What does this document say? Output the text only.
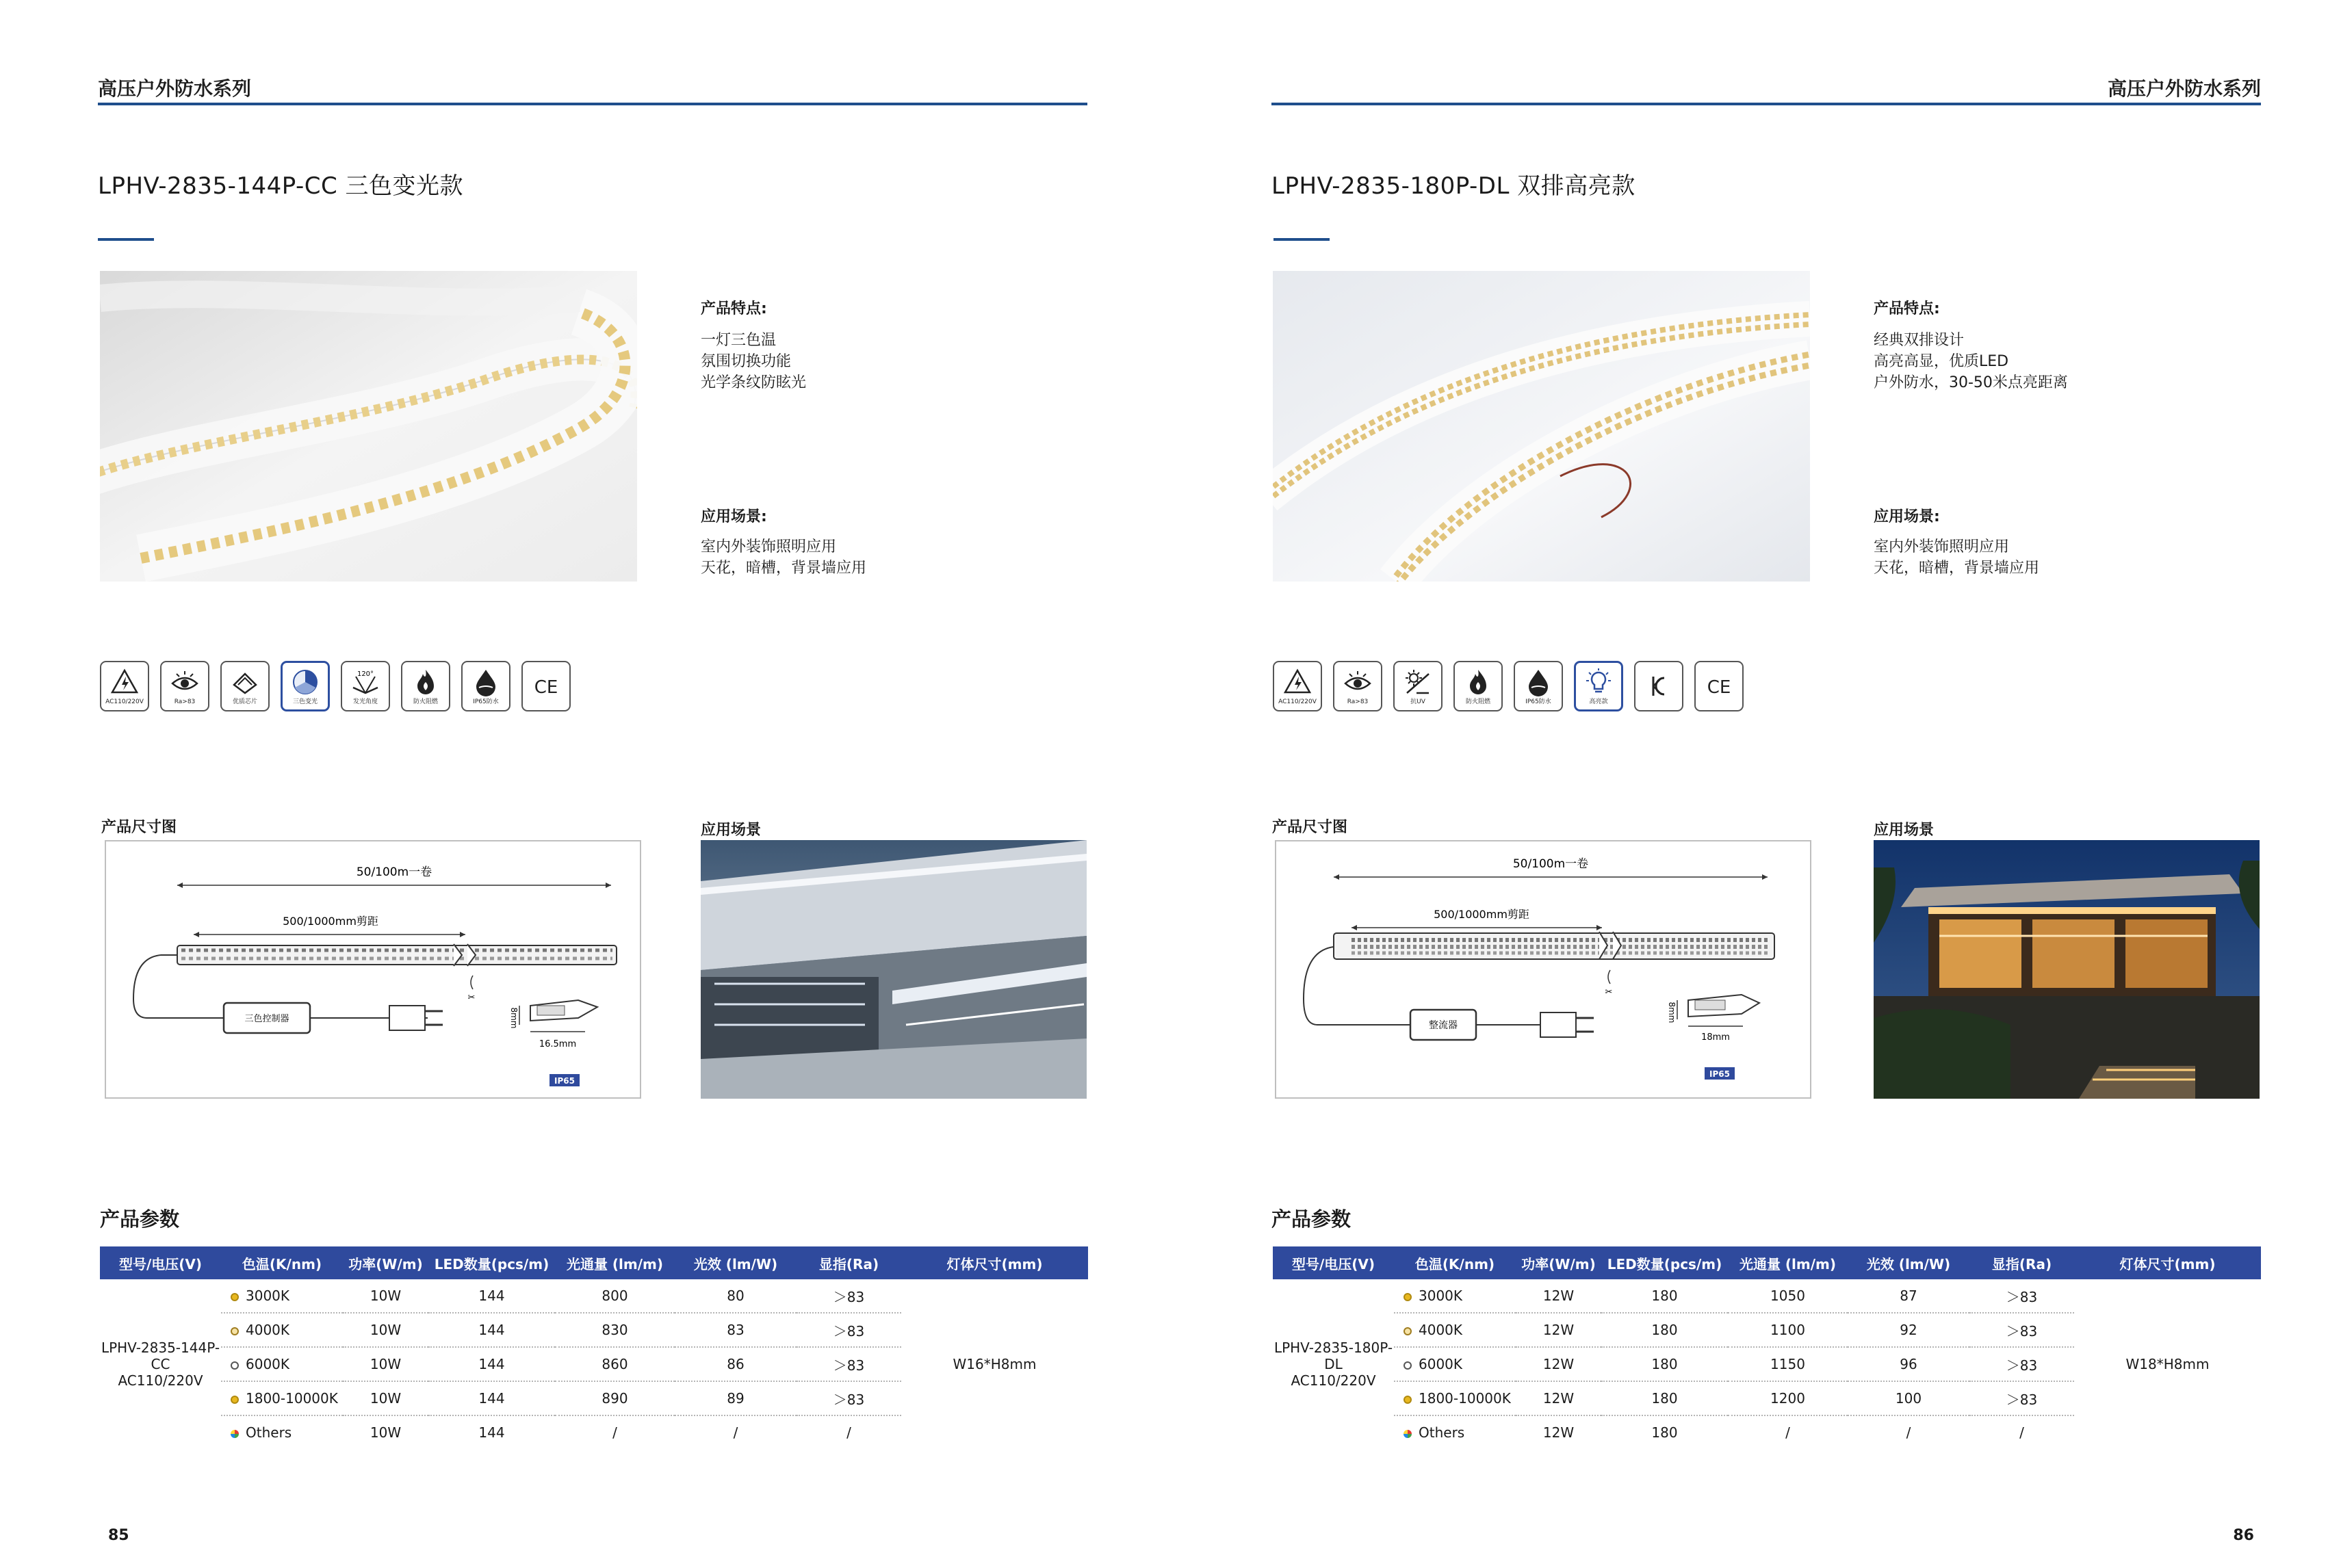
高压户外防水系列
LPHV-2835-144P-CC 三色变光款
产品特点:
一灯三色温
氛围切换功能
光学条纹防眩光
应用场景:
室内外装饰照明应用
天花，暗槽，背景墙应用
AC110/220V	Ra>83	优质芯片	三色变光
120°
发光角度	防火阻燃	IP65防水
CE
产品尺寸图	应用场景
50/100m一卷
500/1000mm剪距
三色控制器
✂
8mm
16.5mm
IP65
产品参数
型号/电压(V)	色温(K/nm)	功率(W/m)	LED数量(pcs/m)	光通量 (lm/m)	光效 (lm/W)	显指(Ra)	灯体尺寸(mm)

LPHV-2835-144P-CC
AC110/220V	3000K	10W	144	800	80	＞83	W16*H8mm
	4000K	10W	144	830	83	＞83	
	6000K	10W	144	860	86	＞83	
	1800-10000K	10W	144	890	89	＞83	
	Others	10W	144	/	/	/	
85
高压户外防水系列
LPHV-2835-180P-DL 双排高亮款
产品特点:
经典双排设计
高亮高显，优质LED
户外防水，30-50米点亮距离
应用场景:
室内外装饰照明应用
天花，暗槽，背景墙应用
AC110/220V	Ra>83	抗UV	防火阻燃	IP65防水	高亮款
CE
产品尺寸图	应用场景
50/100m一卷
500/1000mm剪距
整流器
✂
8mm
18mm
IP65
产品参数
型号/电压(V)	色温(K/nm)	功率(W/m)	LED数量(pcs/m)	光通量 (lm/m)	光效 (lm/W)	显指(Ra)	灯体尺寸(mm)

LPHV-2835-180P-DL
AC110/220V	3000K	12W	180	1050	87	＞83	W18*H8mm
	4000K	12W	180	1100	92	＞83	
	6000K	12W	180	1150	96	＞83	
	1800-10000K	12W	180	1200	100	＞83	
	Others	12W	180	/	/	/	
86
